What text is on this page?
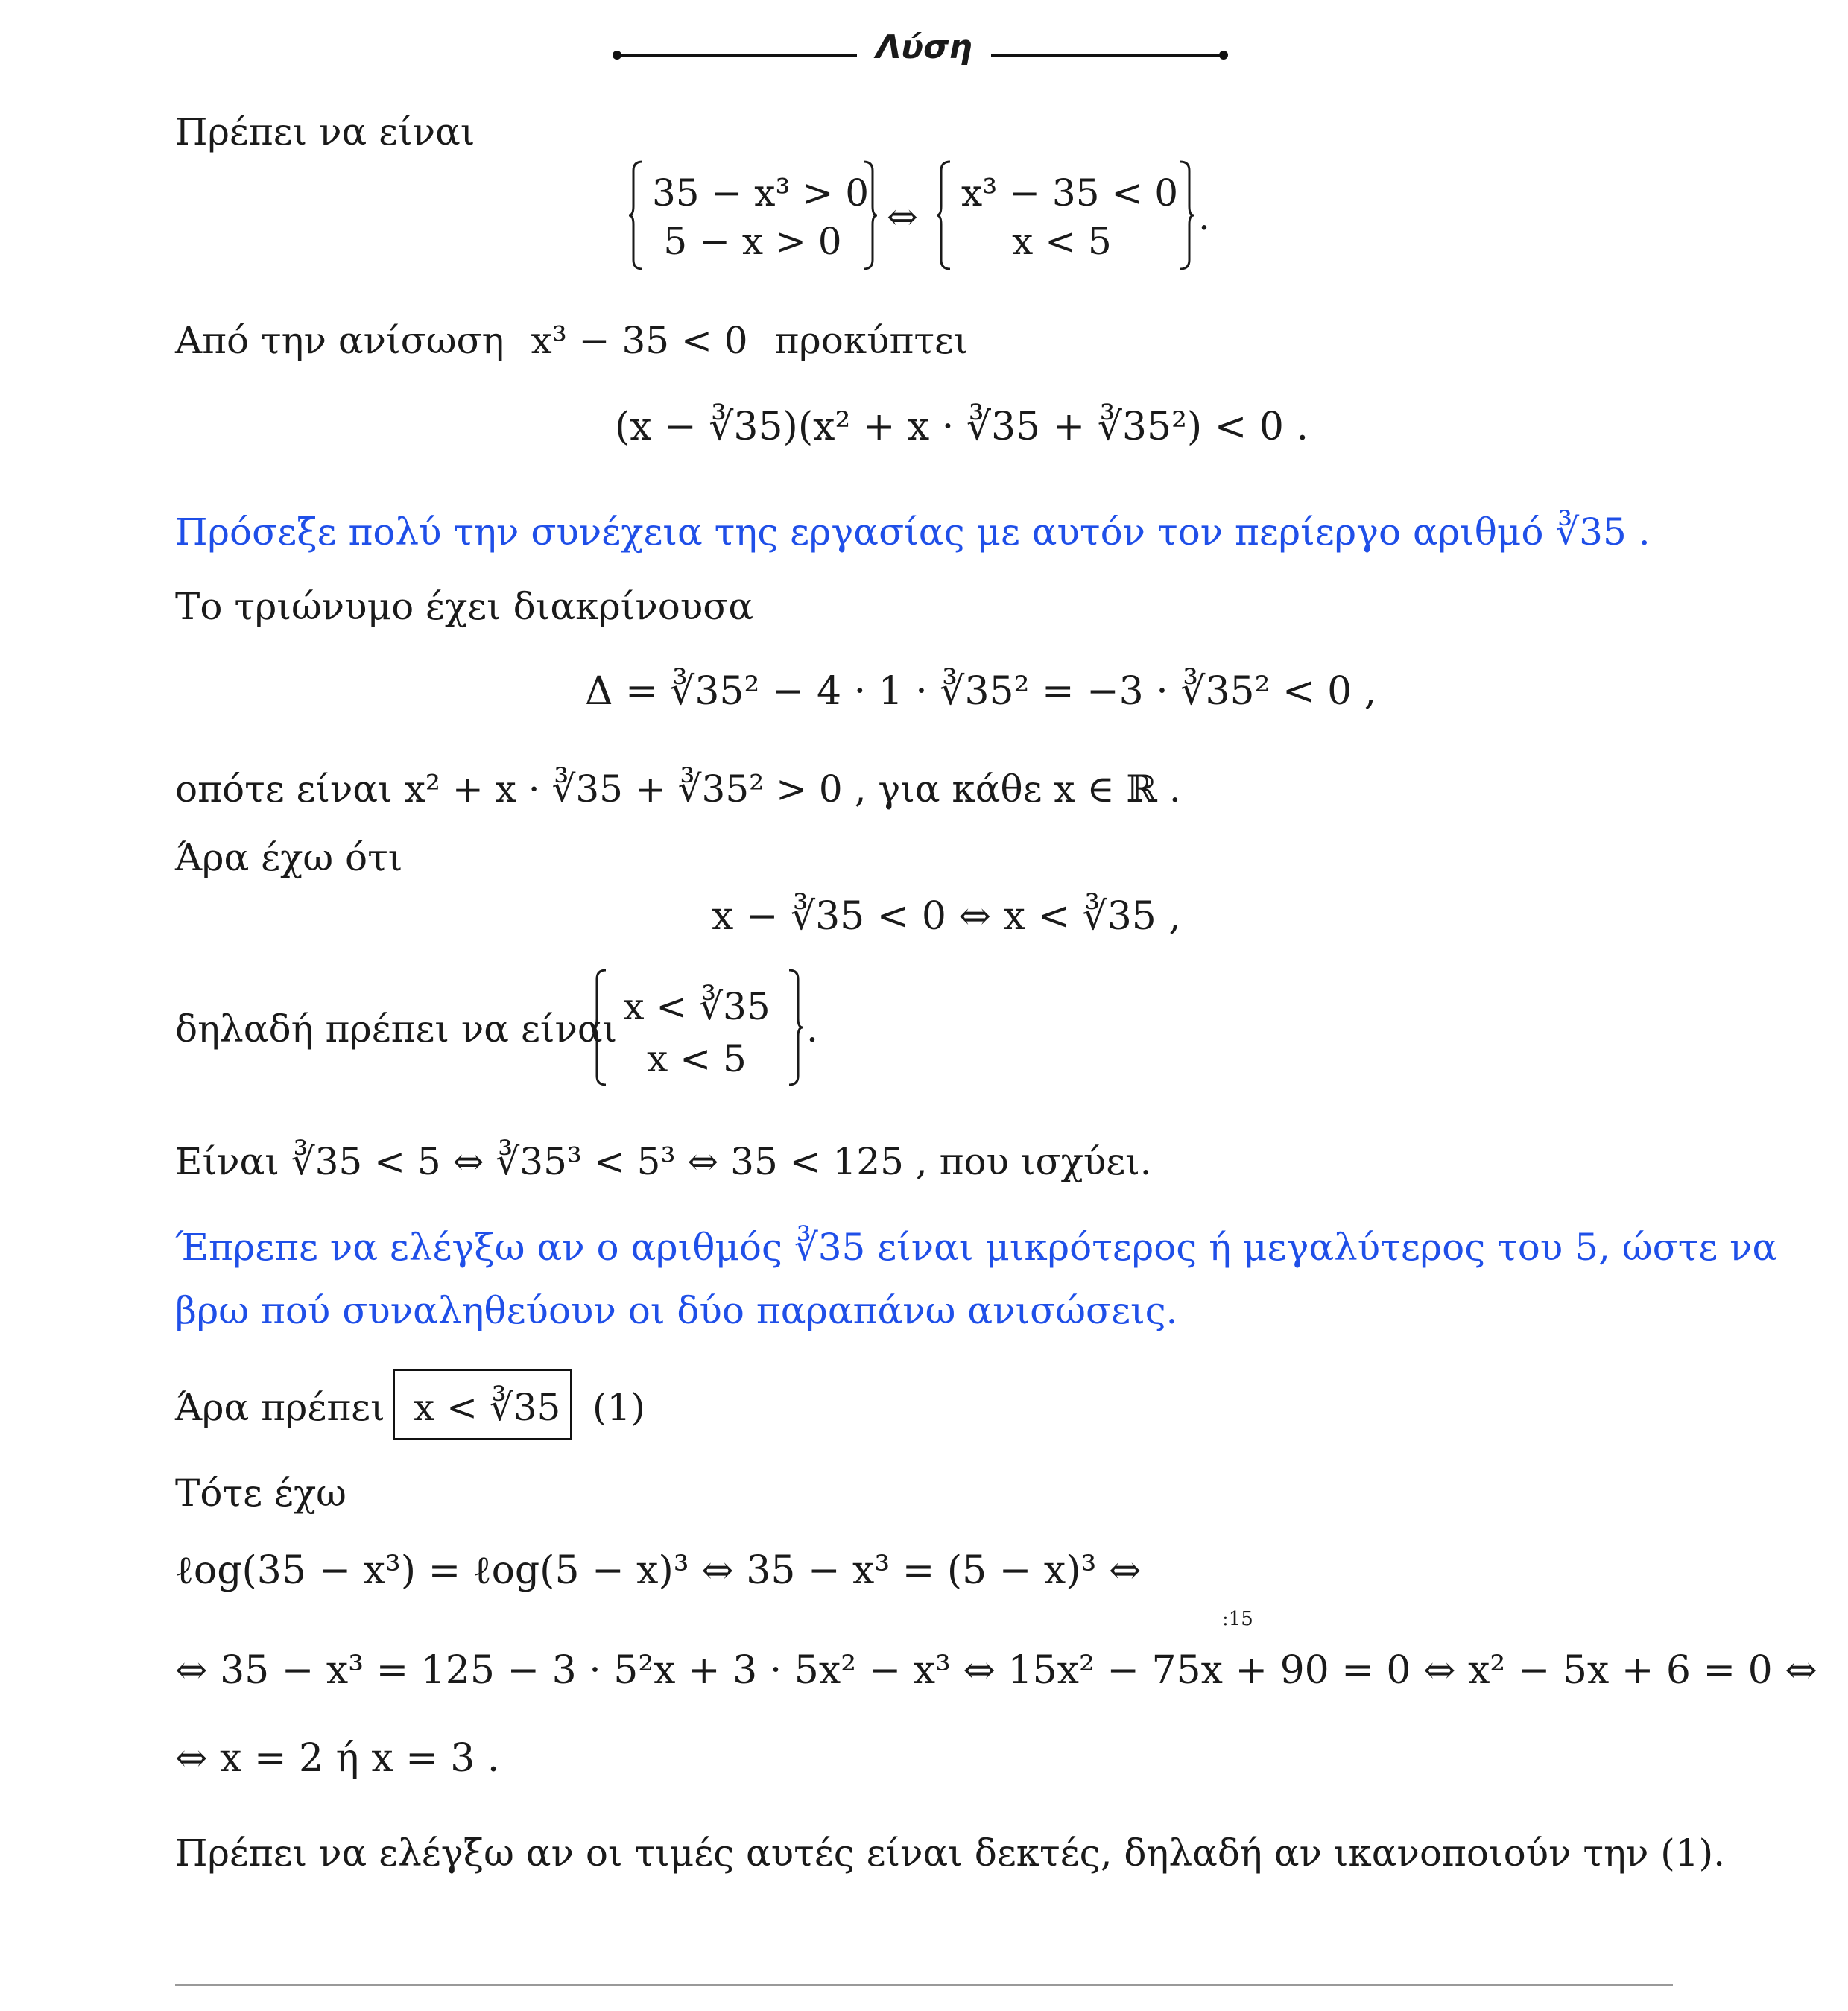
Λύση
Πρέπει να είναι
35 − x³ > 0
5 − x > 0
⇔
x³ − 35 < 0
x < 5
.
Από την ανίσωση x³ − 35 < 0 προκύπτει
(x − ∛35)(x² + x · ∛35 + ∛35²) < 0 .
Πρόσεξε πολύ την συνέχεια της εργασίας με αυτόν τον περίεργο αριθμό ∛35 .
Το τριώνυμο έχει διακρίνουσα
Δ = ∛35² − 4 · 1 · ∛35² = −3 · ∛35² < 0 ,
οπότε είναι x² + x · ∛35 + ∛35² > 0 , για κάθε x ∈ ℝ .
Άρα έχω ότι
x − ∛35 < 0 ⇔ x < ∛35 ,
δηλαδή πρέπει να είναι
x < ∛35
x < 5
.
Είναι ∛35 < 5 ⇔ ∛35³ < 5³ ⇔ 35 < 125 , που ισχύει.
Έπρεπε να ελέγξω αν ο αριθμός ∛35 είναι μικρότερος ή μεγαλύτερος του 5, ώστε να
βρω πού συναληθεύουν οι δύο παραπάνω ανισώσεις.
Άρα πρέπει x < ∛35 (1)
Τότε έχω
ℓog(35 − x³) = ℓog(5 − x)³ ⇔ 35 − x³ = (5 − x)³ ⇔
:15
⇔ 35 − x³ = 125 − 3 · 5²x + 3 · 5x² − x³ ⇔ 15x² − 75x + 90 = 0 ⇔ x² − 5x + 6 = 0 ⇔
⇔ x = 2 ή x = 3 .
Πρέπει να ελέγξω αν οι τιμές αυτές είναι δεκτές, δηλαδή αν ικανοποιούν την (1).
